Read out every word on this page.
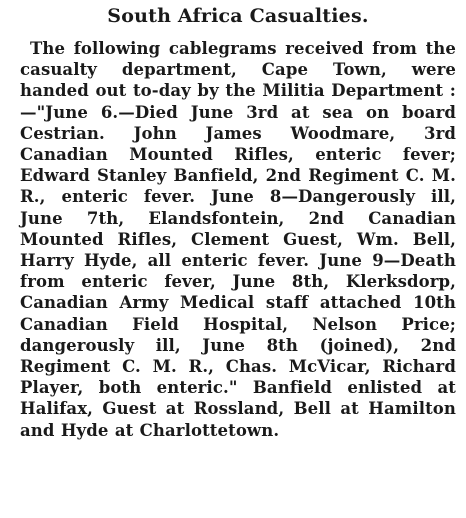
South Africa Casualties.

The following cablegrams received from the casualty department, Cape Town, were handed out to-day by the Militia Department :—"June 6.—Died June 3rd at sea on board Cestrian. John James Woodmare, 3rd Canadian Mounted Rifles, enteric fever; Edward Stanley Banfield, 2nd Regiment C. M. R., enteric fever. June 8—Dangerously ill, June 7th, Elandsfontein, 2nd Canadian Mounted Rifles, Clement Guest, Wm. Bell, Harry Hyde, all enteric fever. June 9—Death from enteric fever, June 8th, Klerksdorp, Canadian Army Medical staff attached 10th Canadian Field Hospital, Nelson Price; dangerously ill, June 8th (joined), 2nd Regiment C. M. R., Chas. McVicar, Richard Player, both enteric." Banfield enlisted at Halifax, Guest at Rossland, Bell at Hamilton and Hyde at Charlottetown.
